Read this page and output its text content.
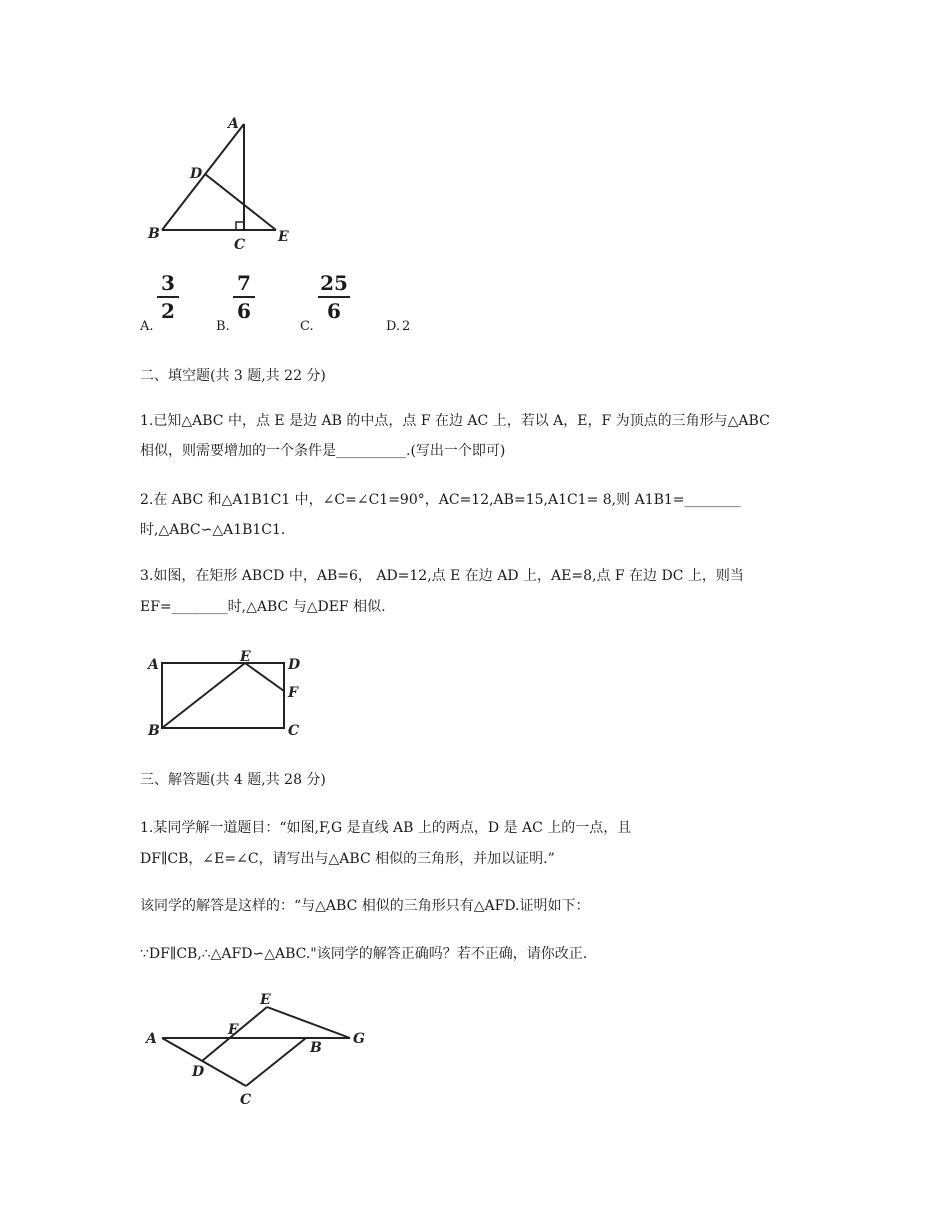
A
D
B
C E
A.
3
2
B.
7
6
C.
25
6
D. 2
二、填空题(共 3 题,共 22 分)
1.已知△ABC 中，点 E 是边 AB 的中点，点 F 在边 AC 上，若以 A，E，F 为顶点的三角形与△ABC
相似，则需要增加的一个条件是__________.(写出一个即可)
2.在 ABC 和△A1B1C1 中，∠C=∠C1=90°，AC=12,AB=15,A1C1= 8,则 A1B1=________
时,△ABC∽△A1B1C1.
3.如图，在矩形 ABCD 中，AB=6， AD=12,点 E 在边 AD 上，AE=8,点 F 在边 DC 上，则当
EF=________时,△ABC 与△DEF 相似.
A	E	D
F
B	C
三、解答题(共 4 题,共 28 分)
1.某同学解一道题目：“如图,F,G 是直线 AB 上的两点，D 是 AC 上的一点，且
DF∥CB，∠E=∠C，请写出与△ABC 相似的三角形，并加以证明.”
该同学的解答是这样的：“与△ABC 相似的三角形只有△AFD.证明如下：
∵DF∥CB,∴△AFD∽△ABC."该同学的解答正确吗？若不正确，请你改正.
A
F
E
B
G
D
C
